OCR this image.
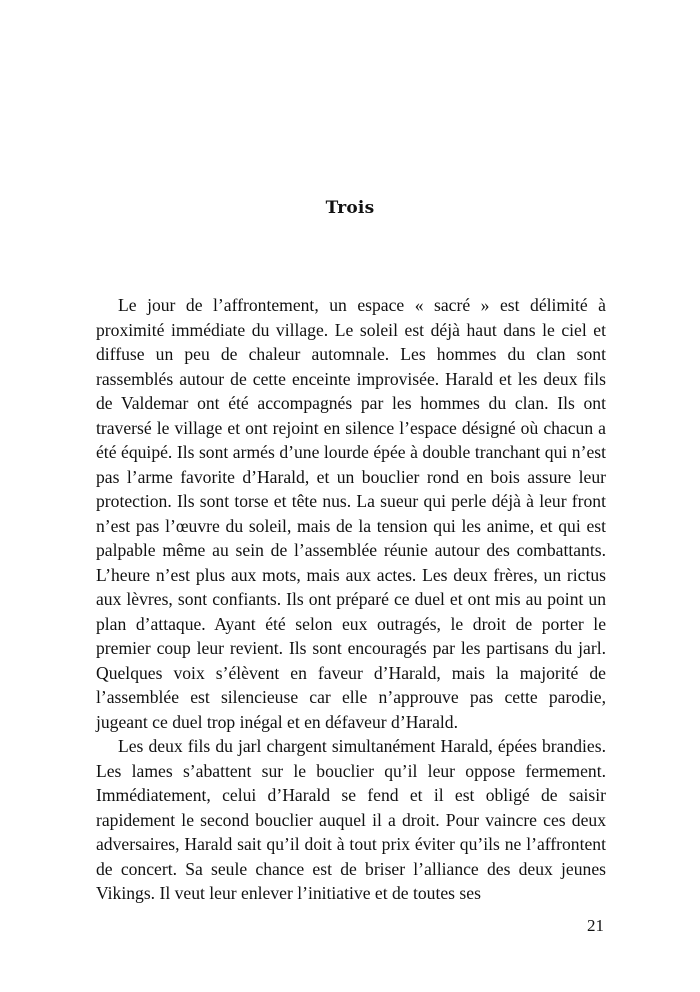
Trois

Le jour de l’affrontement, un espace « sacré » est délimité à proximité immédiate du village. Le soleil est déjà haut dans le ciel et diffuse un peu de chaleur automnale. Les hommes du clan sont rassemblés autour de cette enceinte improvisée. Harald et les deux fils de Valdemar ont été accompagnés par les hommes du clan. Ils ont traversé le village et ont rejoint en silence l’espace désigné où chacun a été équipé. Ils sont armés d’une lourde épée à double tranchant qui n’est pas l’arme favorite d’Harald, et un bouclier rond en bois assure leur protection. Ils sont torse et tête nus. La sueur qui perle déjà à leur front n’est pas l’œuvre du soleil, mais de la tension qui les anime, et qui est palpable même au sein de l’assemblée réunie autour des combattants. L’heure n’est plus aux mots, mais aux actes. Les deux frères, un rictus aux lèvres, sont confiants. Ils ont préparé ce duel et ont mis au point un plan d’attaque. Ayant été selon eux outragés, le droit de porter le premier coup leur revient. Ils sont encouragés par les partisans du jarl. Quelques voix s’élèvent en faveur d’Harald, mais la majorité de l’assemblée est silencieuse car elle n’approuve pas cette parodie, jugeant ce duel trop inégal et en défaveur d’Harald.

Les deux fils du jarl chargent simultanément Harald, épées brandies. Les lames s’abattent sur le bouclier qu’il leur oppose fermement. Immédiatement, celui d’Harald se fend et il est obligé de saisir rapidement le second bouclier auquel il a droit. Pour vaincre ces deux adversaires, Harald sait qu’il doit à tout prix éviter qu’ils ne l’affrontent de concert. Sa seule chance est de briser l’alliance des deux jeunes Vikings. Il veut leur enlever l’initiative et de toutes ses

21
